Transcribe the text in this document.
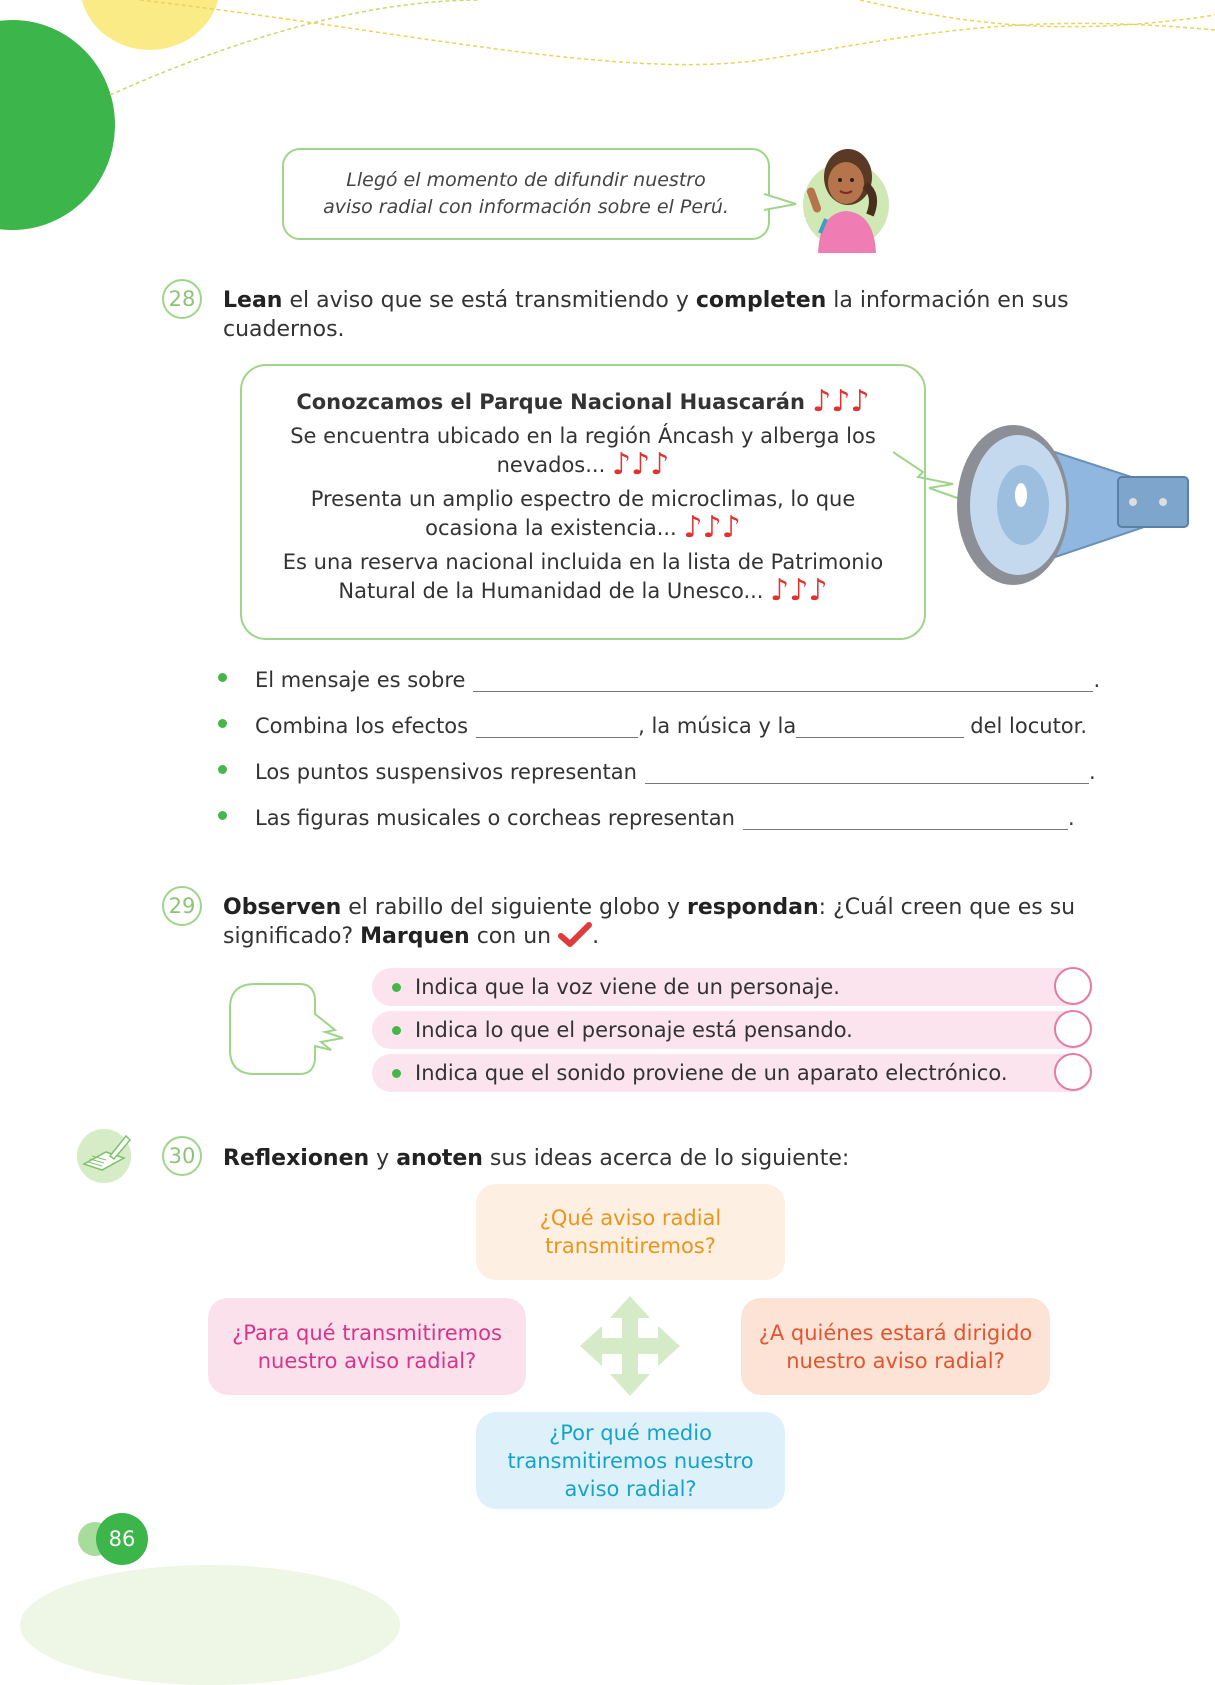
Llegó el momento de difundir nuestro
aviso radial con información sobre el Perú.
28 Lean el aviso que se está transmitiendo y completen la información en sus
cuadernos.
Conozcamos el Parque Nacional Huascarán ♪♪♪

Se encuentra ubicado en la región Áncash y alberga los
nevados... ♪♪♪

Presenta un amplio espectro de microclimas, lo que
ocasiona la existencia... ♪♪♪

Es una reserva nacional incluida en la lista de Patrimonio
Natural de la Humanidad de la Unesco... ♪♪♪

El mensaje es sobre	.
Combina los efectos	, la música y la	del locutor.
Los puntos suspensivos representan	.
Las figuras musicales o corcheas representan	.
29 Observen el rabillo del siguiente globo y respondan: ¿Cuál creen que es su
significado? Marquen con un .
Indica que la voz viene de un personaje.
Indica lo que el personaje está pensando.
Indica que el sonido proviene de un aparato electrónico.
30 Reflexionen y anoten sus ideas acerca de lo siguiente:
¿Qué aviso radial
transmitiremos?
¿Para qué transmitiremos
nuestro aviso radial?
¿A quiénes estará dirigido
nuestro aviso radial?
¿Por qué medio
transmitiremos nuestro
aviso radial?
86
